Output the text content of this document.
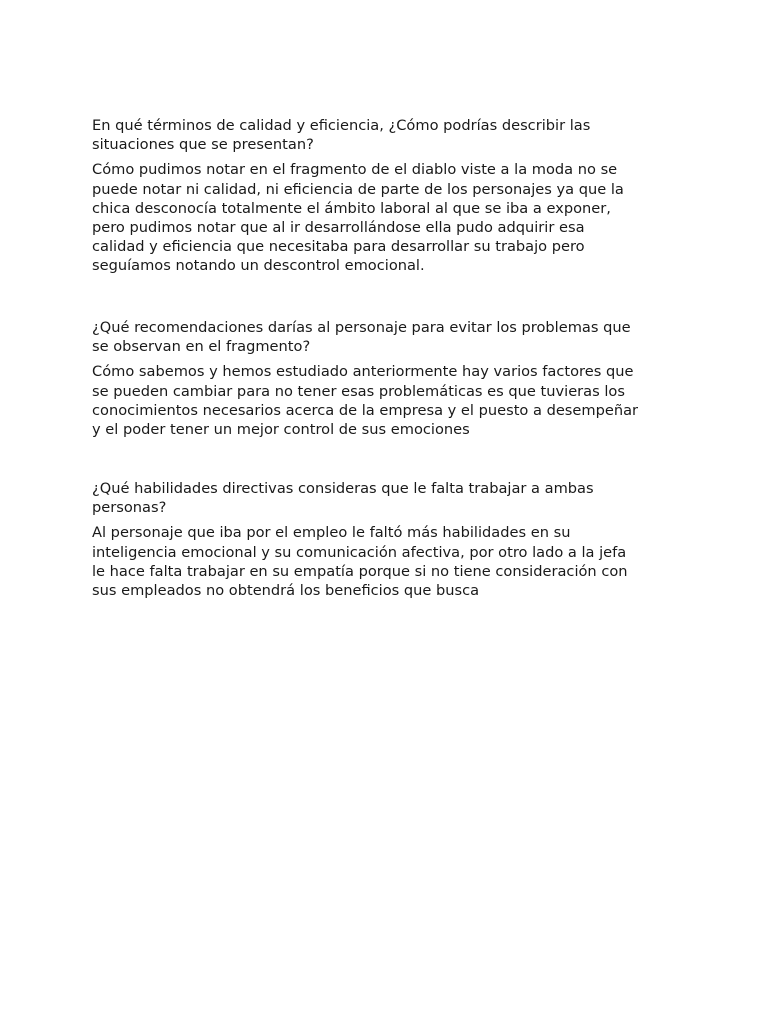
En qué términos de calidad y eficiencia, ¿Cómo podrías describir las

situaciones que se presentan?

Cómo pudimos notar en el fragmento de el diablo viste a la moda no se

puede notar ni calidad, ni eficiencia de parte de los personajes ya que la

chica desconocía totalmente el ámbito laboral al que se iba a exponer,

pero pudimos notar que al ir desarrollándose ella pudo adquirir esa

calidad y eficiencia que necesitaba para desarrollar su trabajo pero

seguíamos notando un descontrol emocional.

¿Qué recomendaciones darías al personaje para evitar los problemas que

se observan en el fragmento?

Cómo sabemos y hemos estudiado anteriormente hay varios factores que

se pueden cambiar para no tener esas problemáticas es que tuvieras los

conocimientos necesarios acerca de la empresa y el puesto a desempeñar

y el poder tener un mejor control de sus emociones

¿Qué habilidades directivas consideras que le falta trabajar a ambas

personas?

Al personaje que iba por el empleo le faltó más habilidades en su

inteligencia emocional y su comunicación afectiva, por otro lado a la jefa

le hace falta trabajar en su empatía porque si no tiene consideración con

sus empleados no obtendrá los beneficios que busca
